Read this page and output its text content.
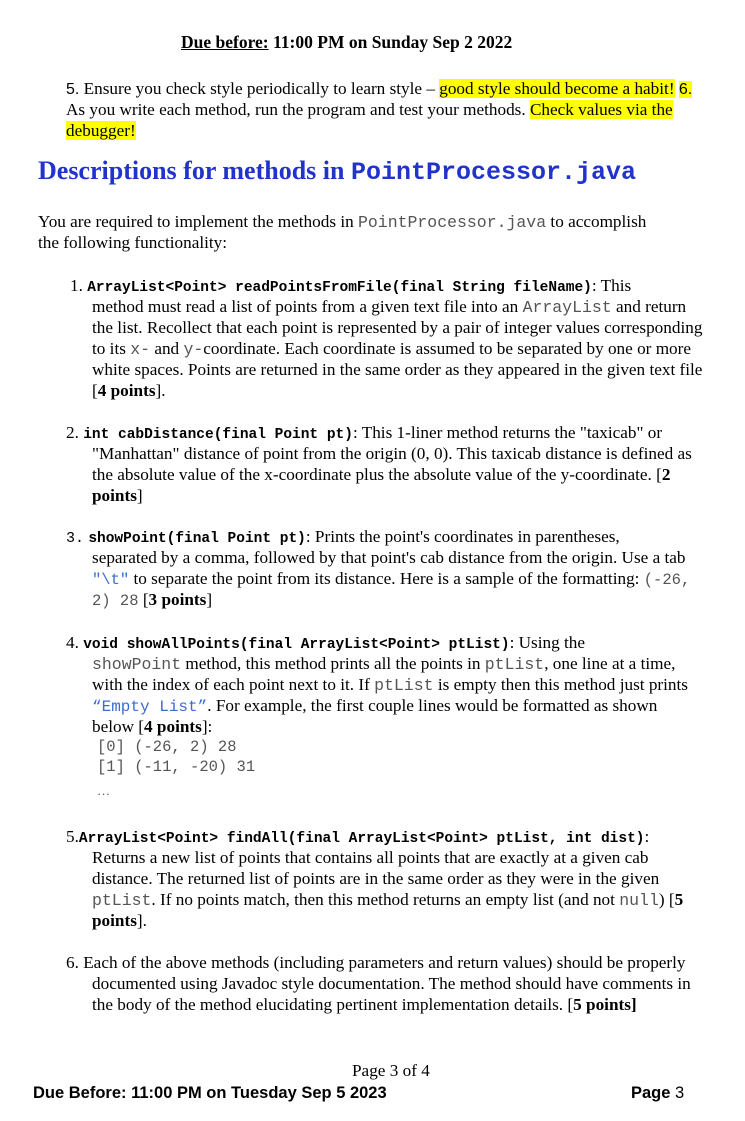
Due before: 11:00 PM on Sunday Sep 2 2022
5. Ensure you check style periodically to learn style – good style should become a habit! 6.
As you write each method, run the program and test your methods. Check values via the
debugger!
Descriptions for methods in PointProcessor.java
You are required to implement the methods in PointProcessor.java to accomplish
the following functionality:
1. ArrayList<Point> readPointsFromFile(final String fileName): This
method must read a list of points from a given text file into an ArrayList and return
the list. Recollect that each point is represented by a pair of integer values corresponding
to its x- and y-coordinate. Each coordinate is assumed to be separated by one or more
white spaces. Points are returned in the same order as they appeared in the given text file
[4 points].
2. int cabDistance(final Point pt): This 1-liner method returns the "taxicab" or
"Manhattan" distance of point from the origin (0, 0). This taxicab distance is defined as
the absolute value of the x-coordinate plus the absolute value of the y-coordinate. [2
points]
3. showPoint(final Point pt): Prints the point's coordinates in parentheses,
separated by a comma, followed by that point's cab distance from the origin. Use a tab
"\t" to separate the point from its distance. Here is a sample of the formatting: (-26,
2) 28 [3 points]
4. void showAllPoints(final ArrayList<Point> ptList): Using the
showPoint method, this method prints all the points in ptList, one line at a time,
with the index of each point next to it. If ptList is empty then this method just prints
“Empty List”. For example, the first couple lines would be formatted as shown
below [4 points]:
[0] (-26, 2) 28
[1] (-11, -20) 31
…
5.ArrayList<Point> findAll(final ArrayList<Point> ptList, int dist):
Returns a new list of points that contains all points that are exactly at a given cab
distance. The returned list of points are in the same order as they were in the given
ptList. If no points match, then this method returns an empty list (and not null) [5
points].
6. Each of the above methods (including parameters and return values) should be properly
documented using Javadoc style documentation. The method should have comments in
the body of the method elucidating pertinent implementation details. [5 points]
Page 3 of 4
Due Before: 11:00 PM on Tuesday Sep 5 2023	Page 3
